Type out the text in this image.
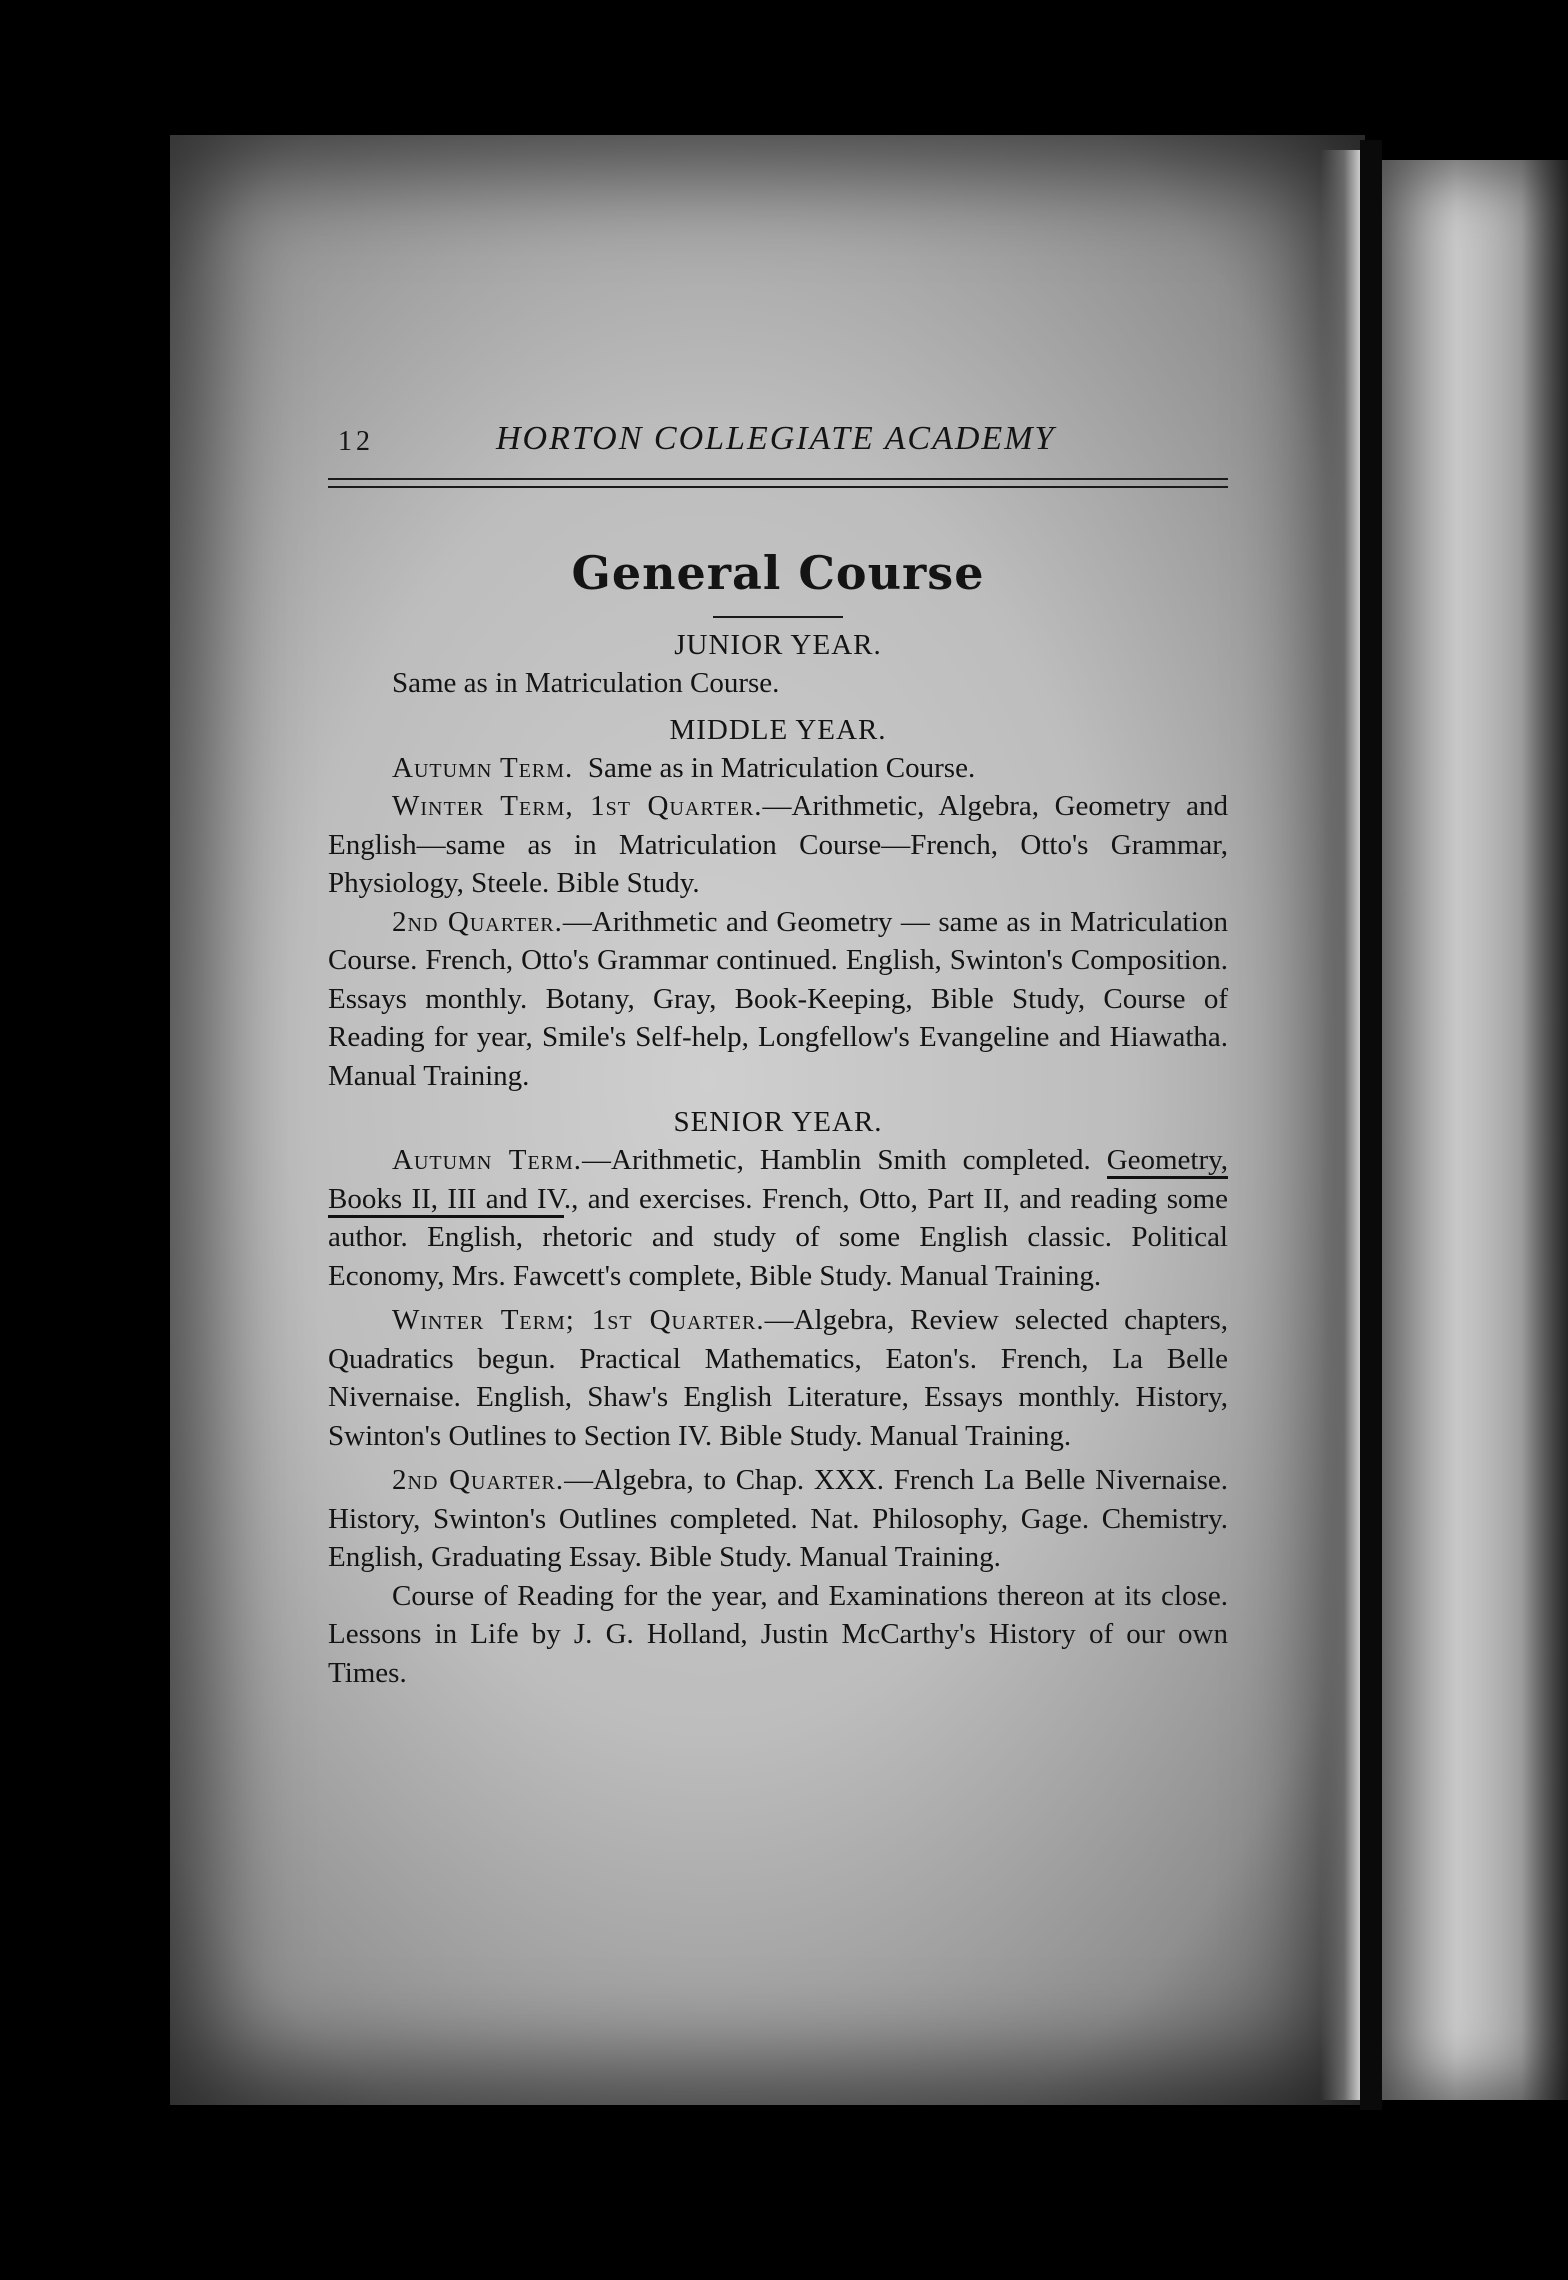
12	HORTON COLLEGIATE ACADEMY
General Course
JUNIOR YEAR.

Same as in Matriculation Course.

MIDDLE YEAR.

Autumn Term. Same as in Matriculation Course.

Winter Term, 1st Quarter.—Arithmetic, Algebra, Geometry and English—same as in Matriculation Course—French, Otto's Grammar, Physiology, Steele. Bible Study.

2nd Quarter.—Arithmetic and Geometry — same as in Matriculation Course. French, Otto's Grammar continued. English, Swinton's Composition. Essays monthly. Botany, Gray, Book-Keeping, Bible Study, Course of Reading for year, Smile's Self-help, Longfellow's Evangeline and Hiawatha. Manual Training.

SENIOR YEAR.

Autumn Term.—Arithmetic, Hamblin Smith completed. Geometry, Books II, III and IV., and exercises. French, Otto, Part II, and reading some author. English, rhetoric and study of some English classic. Political Economy, Mrs. Fawcett's complete, Bible Study. Manual Training.

Winter Term; 1st Quarter.—Algebra, Review selected chapters, Quadratics begun. Practical Mathematics, Eaton's. French, La Belle Nivernaise. English, Shaw's English Literature, Essays monthly. History, Swinton's Outlines to Section IV. Bible Study. Manual Training.

2nd Quarter.—Algebra, to Chap. XXX. French La Belle Nivernaise. History, Swinton's Outlines completed. Nat. Philosophy, Gage. Chemistry. English, Graduating Essay. Bible Study. Manual Training.

Course of Reading for the year, and Examinations thereon at its close. Lessons in Life by J. G. Holland, Justin McCarthy's History of our own Times.
